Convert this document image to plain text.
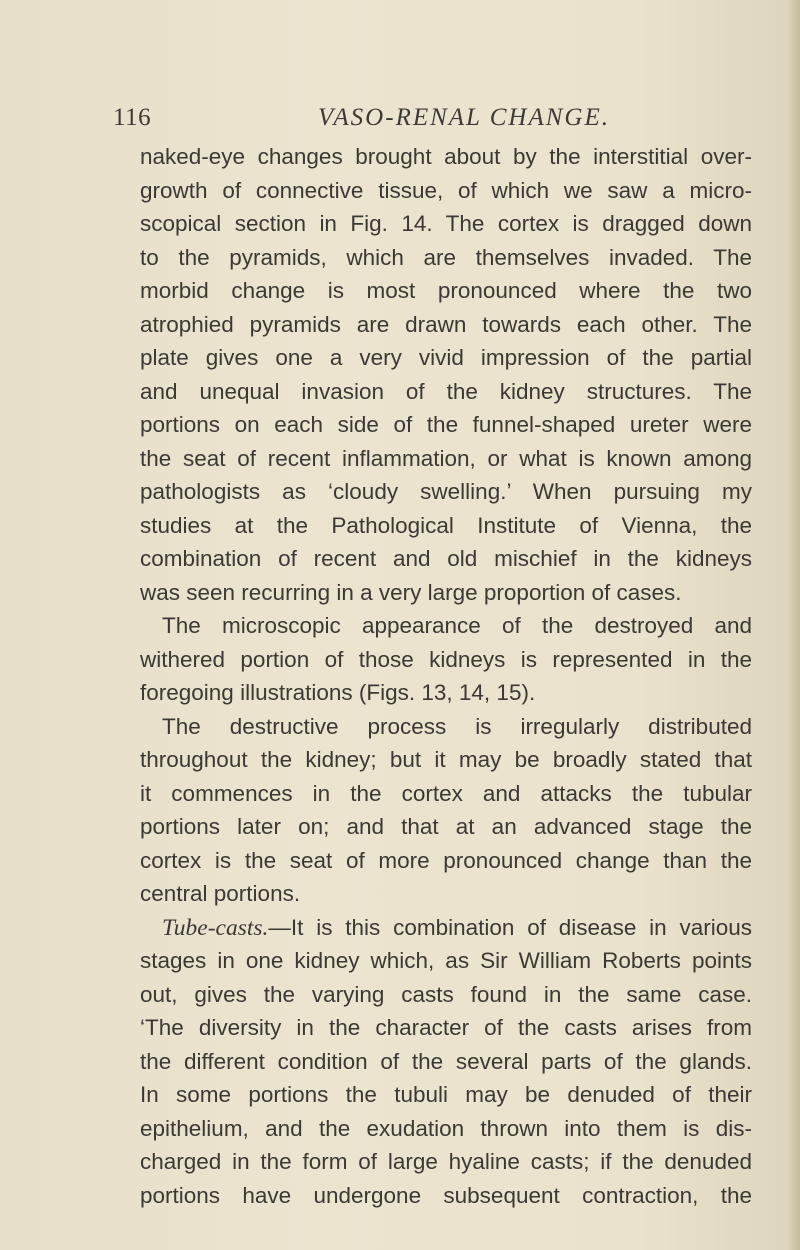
116	VASO-RENAL CHANGE.
naked-eye changes brought about by the interstitial over-
growth of connective tissue, of which we saw a micro-
scopical section in Fig. 14. The cortex is dragged down
to the pyramids, which are themselves invaded. The
morbid change is most pronounced where the two
atrophied pyramids are drawn towards each other. The
plate gives one a very vivid impression of the partial
and unequal invasion of the kidney structures. The
portions on each side of the funnel-shaped ureter were
the seat of recent inflammation, or what is known among
pathologists as ‘cloudy swelling.’ When pursuing my
studies at the Pathological Institute of Vienna, the
combination of recent and old mischief in the kidneys
was seen recurring in a very large proportion of cases.
The microscopic appearance of the destroyed and
withered portion of those kidneys is represented in the
foregoing illustrations (Figs. 13, 14, 15).
The destructive process is irregularly distributed
throughout the kidney; but it may be broadly stated that
it commences in the cortex and attacks the tubular
portions later on; and that at an advanced stage the
cortex is the seat of more pronounced change than the
central portions.
Tube-casts.—It is this combination of disease in various
stages in one kidney which, as Sir William Roberts points
out, gives the varying casts found in the same case.
‘The diversity in the character of the casts arises from
the different condition of the several parts of the glands.
In some portions the tubuli may be denuded of their
epithelium, and the exudation thrown into them is dis-
charged in the form of large hyaline casts; if the denuded
portions have undergone subsequent contraction, the
